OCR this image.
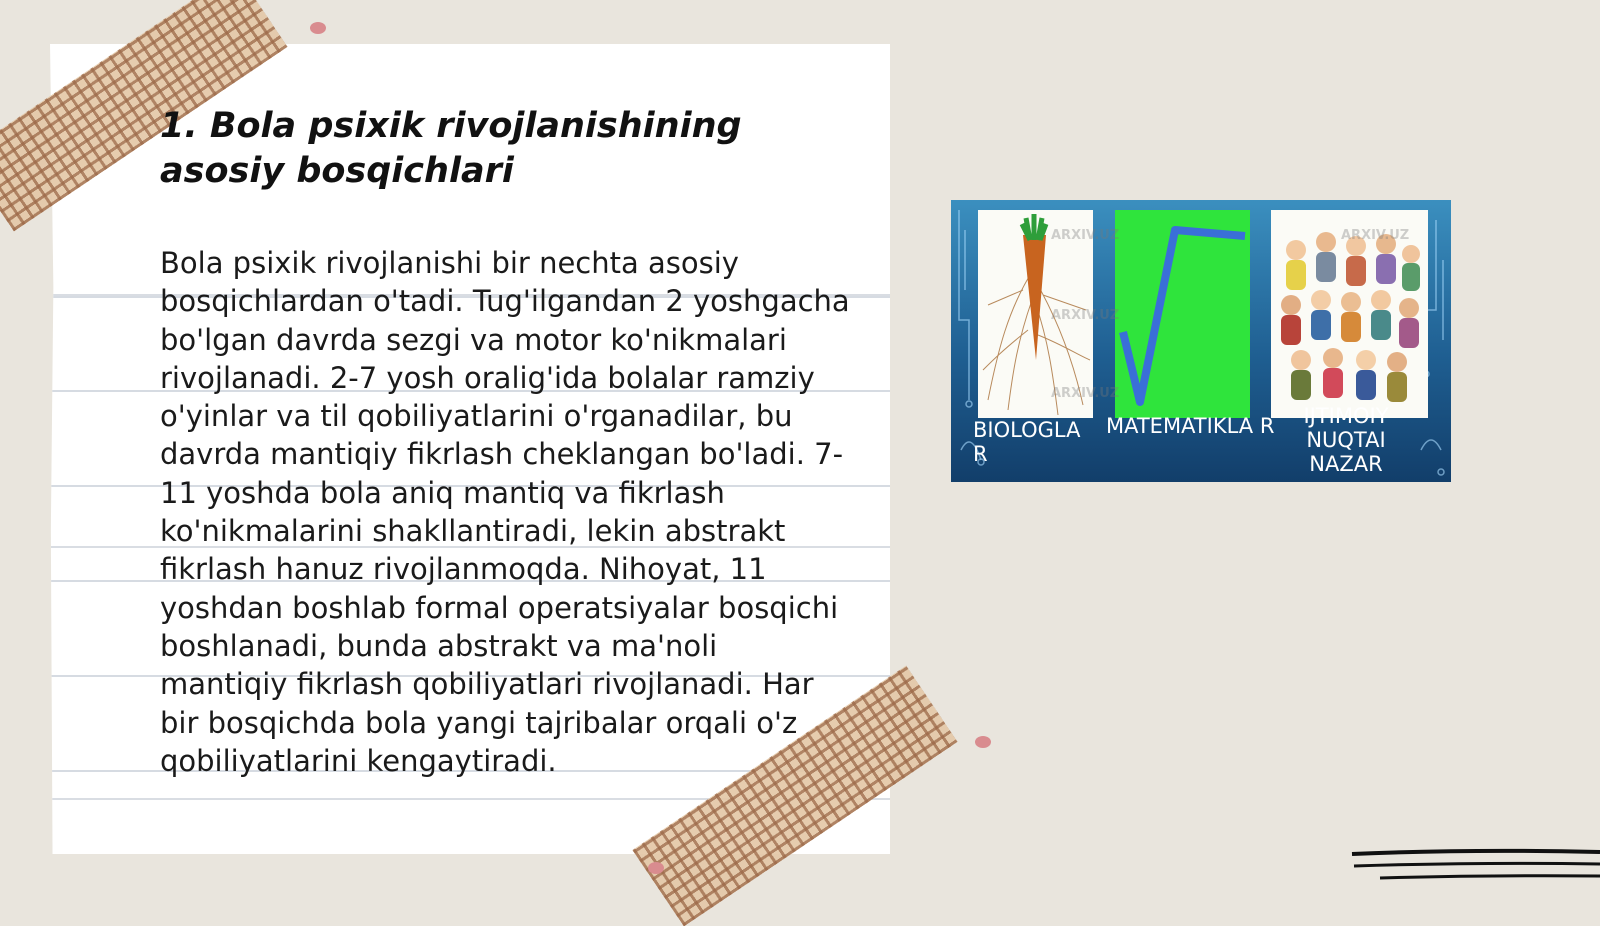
1. Bola psixik rivojlanishining asosiy bosqichlari

Bola psixik rivojlanishi bir nechta asosiy bosqichlardan o'tadi. Tug'ilgandan 2 yoshgacha bo'lgan davrda sezgi va motor ko'nikmalari rivojlanadi. 2-7 yosh oralig'ida bolalar ramziy o'yinlar va til qobiliyatlarini o'rganadilar, bu davrda mantiqiy fikrlash cheklangan bo'ladi. 7-11 yoshda bola aniq mantiq va fikrlash ko'nikmalarini shakllantiradi, lekin abstrakt fikrlash hanuz rivojlanmoqda. Nihoyat, 11 yoshdan boshlab formal operatsiyalar bosqichi boshlanadi, bunda abstrakt va ma'noli mantiqiy fikrlash qobiliyatlari rivojlanadi. Har bir bosqichda bola yangi tajribalar orqali o'z qobiliyatlarini kengaytiradi.

ARXIV.UZ
ARXIV.UZ
ARXIV.UZ
ARXIV.UZ
BIOLOGLA R
MATEMATIKLA R	IJTIMOIY NUQTAI NAZAR
